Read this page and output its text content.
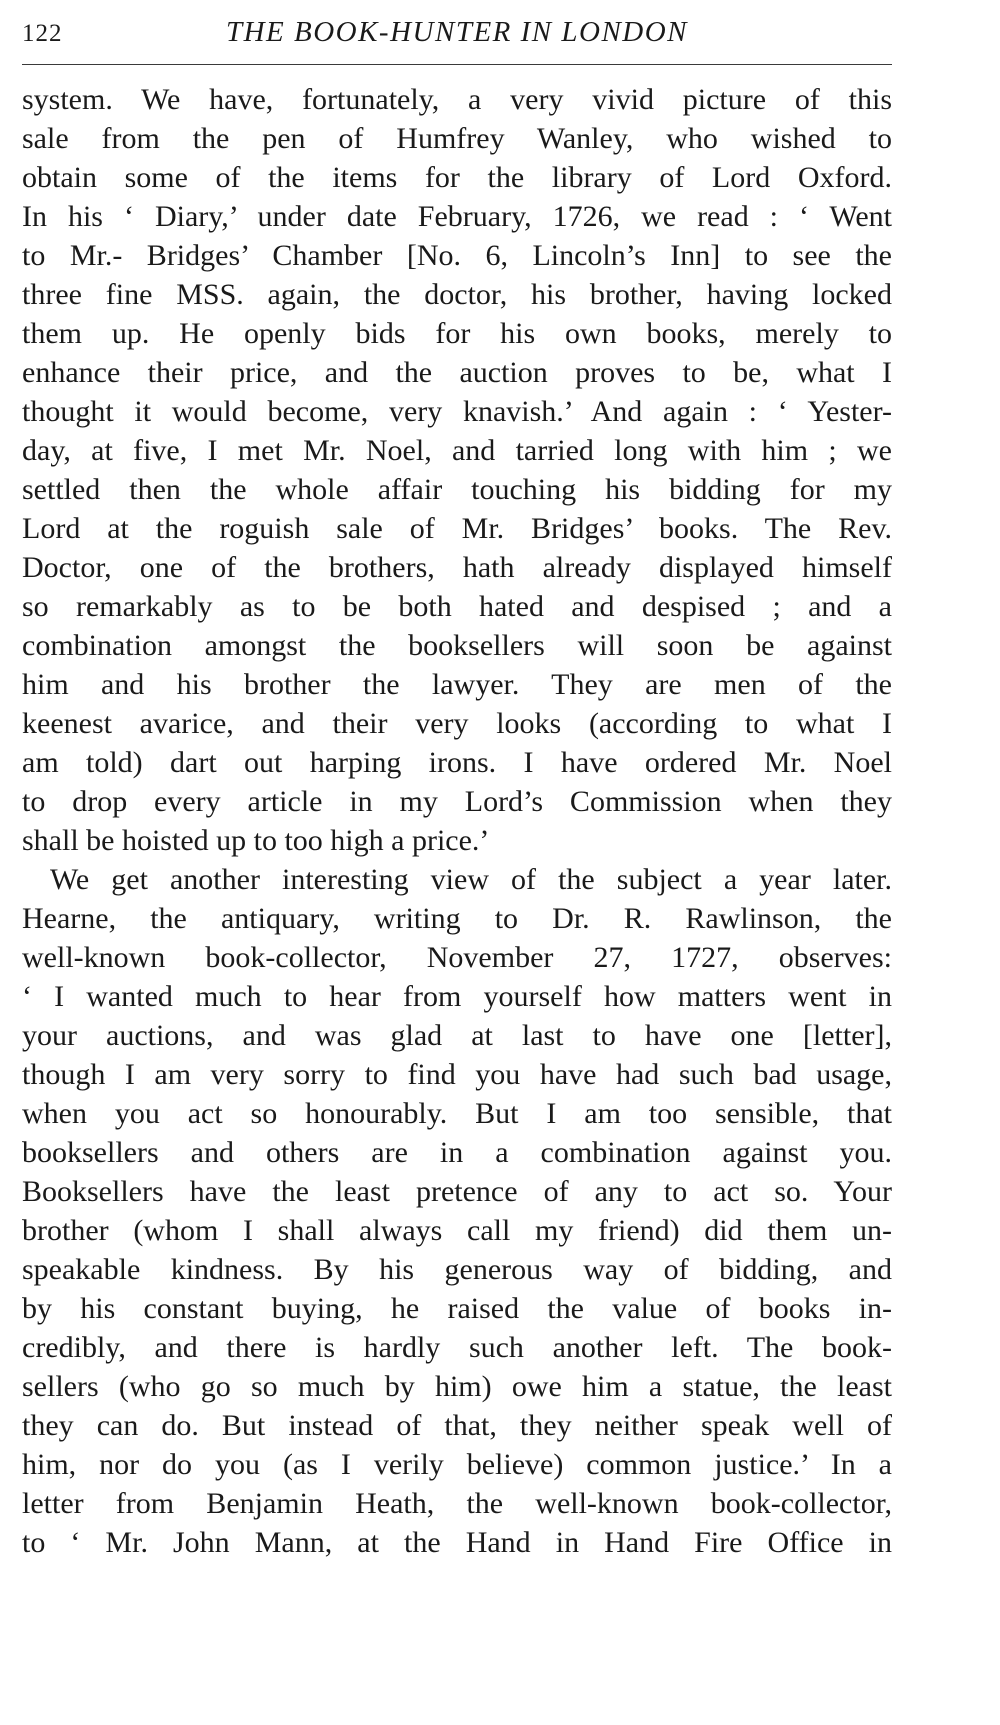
122	THE BOOK-HUNTER IN LONDON
system. We have, fortunately, a very vivid picture of this
sale from the pen of Humfrey Wanley, who wished to
obtain some of the items for the library of Lord Oxford.
In his ‘ Diary,’ under date February, 1726, we read : ‘ Went
to Mr.- Bridges’ Chamber [No. 6, Lincoln’s Inn] to see the
three fine MSS. again, the doctor, his brother, having locked
them up. He openly bids for his own books, merely to
enhance their price, and the auction proves to be, what I
thought it would become, very knavish.’ And again : ‘ Yester-
day, at five, I met Mr. Noel, and tarried long with him ; we
settled then the whole affair touching his bidding for my
Lord at the roguish sale of Mr. Bridges’ books. The Rev.
Doctor, one of the brothers, hath already displayed himself
so remarkably as to be both hated and despised ; and a
combination amongst the booksellers will soon be against
him and his brother the lawyer. They are men of the
keenest avarice, and their very looks (according to what I
am told) dart out harping irons. I have ordered Mr. Noel
to drop every article in my Lord’s Commission when they
shall be hoisted up to too high a price.’
We get another interesting view of the subject a year later.
Hearne, the antiquary, writing to Dr. R. Rawlinson, the
well-known book-collector, November 27, 1727, observes:
‘ I wanted much to hear from yourself how matters went in
your auctions, and was glad at last to have one [letter],
though I am very sorry to find you have had such bad usage,
when you act so honourably. But I am too sensible, that
booksellers and others are in a combination against you.
Booksellers have the least pretence of any to act so. Your
brother (whom I shall always call my friend) did them un-
speakable kindness. By his generous way of bidding, and
by his constant buying, he raised the value of books in-
credibly, and there is hardly such another left. The book-
sellers (who go so much by him) owe him a statue, the least
they can do. But instead of that, they neither speak well of
him, nor do you (as I verily believe) common justice.’ In a
letter from Benjamin Heath, the well-known book-collector,
to ‘ Mr. John Mann, at the Hand in Hand Fire Office in
